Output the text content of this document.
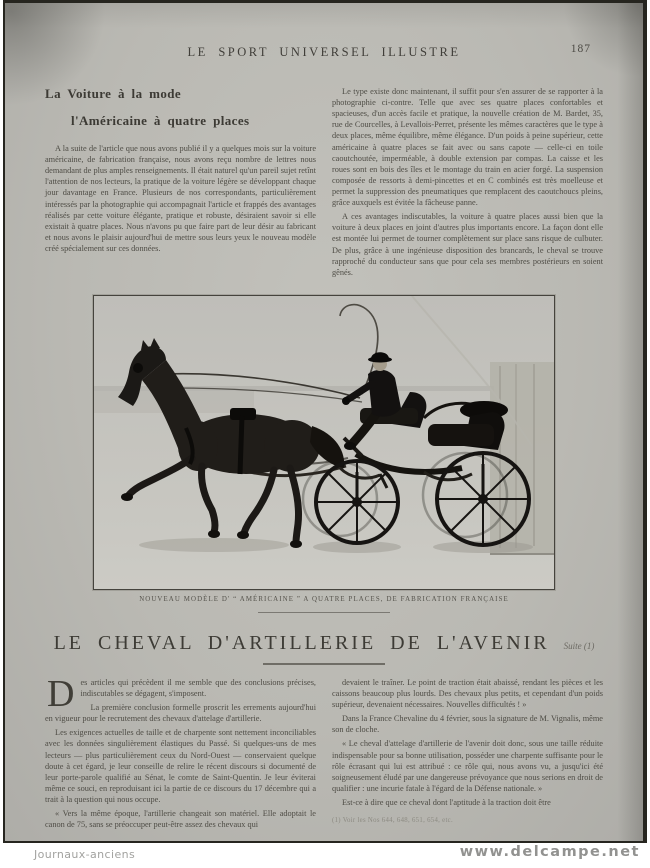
LE SPORT UNIVERSEL ILLUSTRE	187
La Voiture à la mode
l'Américaine à quatre places

A la suite de l'article que nous avons publié il y a quelques mois sur la voiture américaine, de fabrication française, nous avons reçu nombre de lettres nous demandant de plus amples renseignements. Il était naturel qu'un pareil sujet retînt l'attention de nos lecteurs, la pratique de la voiture légère se développant chaque jour davantage en France. Plusieurs de nos correspondants, particulièrement intéressés par la photographie qui accompagnait l'article et frappés des avantages réalisés par cette voiture élégante, pratique et robuste, désiraient savoir si elle existait à quatre places. Nous n'avons pu que faire part de leur désir au fabricant et nous avons le plaisir aujourd'hui de mettre sous leurs yeux le nouveau modèle créé spécialement sur ces données.

Le type existe donc maintenant, il suffit pour s'en assurer de se rapporter à la photographie ci-contre. Telle que avec ses quatre places confortables et spacieuses, d'un accès facile et pratique, la nouvelle création de M. Bardet, 35, rue de Courcelles, à Levallois-Perret, présente les mêmes caractères que le type à deux places, même équilibre, même élégance. D'un poids à peine supérieur, cette américaine à quatre places se fait avec ou sans capote — celle-ci en toile caoutchoutée, imperméable, à double extension par compas. La caisse et les roues sont en bois des îles et le montage du train en acier forgé. La suspension composée de ressorts à demi-pincettes et en C combinés est très moelleuse et permet la suppression des pneumatiques que remplacent des caoutchoucs pleins, grâce auxquels est évitée la fâcheuse panne.

A ces avantages indiscutables, la voiture à quatre places aussi bien que la voiture à deux places en joint d'autres plus importants encore. La façon dont elle est montée lui permet de tourner complètement sur place sans risque de culbuter. De plus, grâce à une ingénieuse disposition des brancards, le cheval se trouve rapproché du conducteur sans que pour cela ses membres postérieurs en soient gênés.

NOUVEAU MODÈLE D' “ AMÉRICAINE ” A QUATRE PLACES, DE FABRICATION FRANÇAISE
LE CHEVAL D'ARTILLERIE DE L'AVENIR Suite (1)

Des articles qui précèdent il me semble que des conclusions précises, indiscutables se dégagent, s'imposent.

La première conclusion formelle proscrit les errements aujourd'hui en vigueur pour le recrutement des chevaux d'attelage d'artillerie.

Les exigences actuelles de taille et de charpente sont nettement inconciliables avec les données singulièrement élastiques du Passé. Si quelques-uns de mes lecteurs — plus particulièrement ceux du Nord-Ouest — conservaient quelque doute à cet égard, je leur conseille de relire le récent discours si documenté de leur porte-parole qualifié au Sénat, le comte de Saint-Quentin. Je leur éviterai même ce souci, en reproduisant ici la partie de ce discours du 17 décembre qui a trait à la question qui nous occupe.

« Vers la même époque, l'artillerie changeait son matériel. Elle adoptait le canon de 75, sans se préoccuper peut-être assez des chevaux qui

devaient le traîner. Le point de traction était abaissé, rendant les pièces et les caissons beaucoup plus lourds. Des chevaux plus petits, et cependant d'un poids supérieur, devenaient nécessaires. Nouvelles difficultés ! »

Dans la France Chevaline du 4 février, sous la signature de M. Vignalis, même son de cloche.

« Le cheval d'attelage d'artillerie de l'avenir doit donc, sous une taille réduite indispensable pour sa bonne utilisation, posséder une charpente suffisante pour le rôle écrasant qui lui est attribué : ce rôle qui, nous avons vu, a jusqu'ici été soigneusement éludé par une dangereuse prévoyance que nous serions en droit de qualifier : une incurie fatale à l'égard de la Défense nationale. »

Est-ce à dire que ce cheval dont l'aptitude à la traction doit être

(1) Voir les Nos 644, 648, 651, 654, etc.
Journaux-anciens	www.delcampe.net
